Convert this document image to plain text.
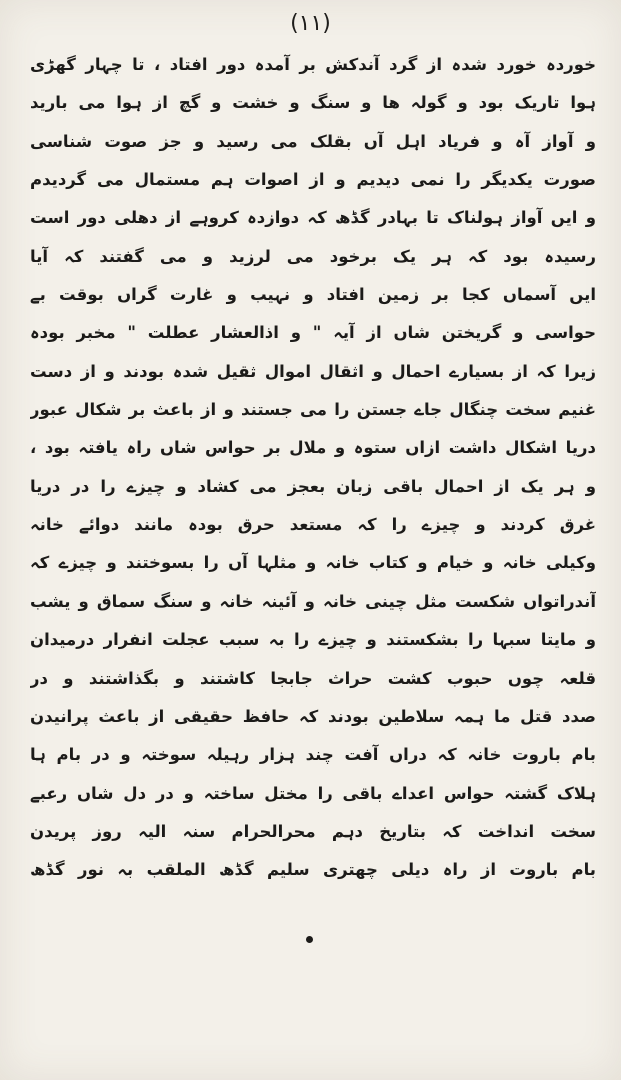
(۱۱)
خوردہ خورد شدہ از گرد آندکش بر آمدہ دور افتاد ، تا چہار گھڑی
ہوا تاریک بود و گولہ ھا و سنگ و خشت و گچ از ہوا می بارید
و آواز آہ و فریاد اہل آں بقلک می رسید و جز صوت شناسی
صورت یکدیگر را نمی دیدیم و از اصوات ہم مستمال می گردیدم
و ایں آواز ہولناک تا بہادر گڈھ کہ دوازدہ کروہے از دھلی دور است
رسیدہ بود کہ ہر یک برخود می لرزید و می گفتند کہ آیا
ایں آسماں کجا بر زمین افتاد و نہیب و غارت گراں بوقت بے
حواسی و گریختن شاں از آیہ " و اذالعشار عطلت " مخبر بودہ
زیرا کہ از بسیارے احمال و اثقال اموال ثقیل شدہ بودند و از دست
غنیم سخت چنگال جاے جستن را می جستند و از باعث بر شکال عبور
دریا اشکال داشت ازاں ستوہ و ملال بر حواس شاں راہ یافتہ بود ،
و ہر یک از احمال باقی زبان بعجز می کشاد و چیزے را در دریا
غرق کردند و چیزے را کہ مستعد حرق بودہ مانند دوائے خانہ
وکیلی خانہ و خیام و کتاب خانہ و مثلہا آں را بسوختند و چیزے کہ
آندراتواں شکست مثل چینی خانہ و آئینہ خانہ و سنگ سماق و یشب
و مایتا سبہا را بشکستند و چیزے را بہ سبب عجلت انفرار درمیدان
قلعہ چوں حبوب کشت حراث جابجا کاشتند و بگذاشتند و در
صدد قتل ما ہمہ سلاطین بودند کہ حافظ حقیقی از باعث پرانیدن
بام باروت خانہ کہ دراں آفت چند ہزار رہیلہ سوختہ و در بام ہا
ہلاک گشتہ حواس اعداے باقی را مختل ساختہ و در دل شاں رعبے
سخت انداخت کہ بتاریخ دہم محرالحرام سنہ الیہ روز پریدن
بام باروت از راہ دیلی چھتری سلیم گڈھ الملقب بہ نور گڈھ
